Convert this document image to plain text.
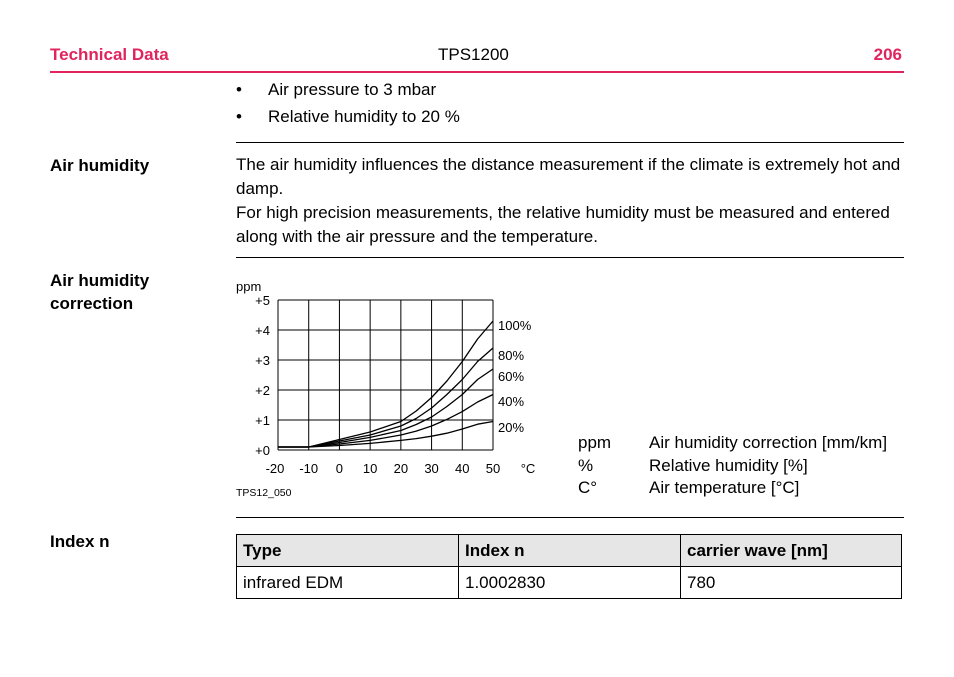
Technical Data	TPS1200	206
• Air pressure to 3 mbar
• Relative humidity to 20 %
Air humidity	The air humidity influences the distance measurement if the climate is extremely hot and damp.
For high precision measurements, the relative humidity must be measured and entered along with the air pressure and the temperature.
Air humidity
correction
ppm
°C
+0
+1
+2
+3
+4
+5
-20 -10 0 10 20 30 40 50
100%
80%
60%
40%
20%
TPS12_050
ppm	Air humidity correction [mm/km]
%	Relative humidity [%]
C°	Air temperature [°C]
Index n	Type	Index n	carrier wave [nm]
infrared EDM	1.0002830	780
